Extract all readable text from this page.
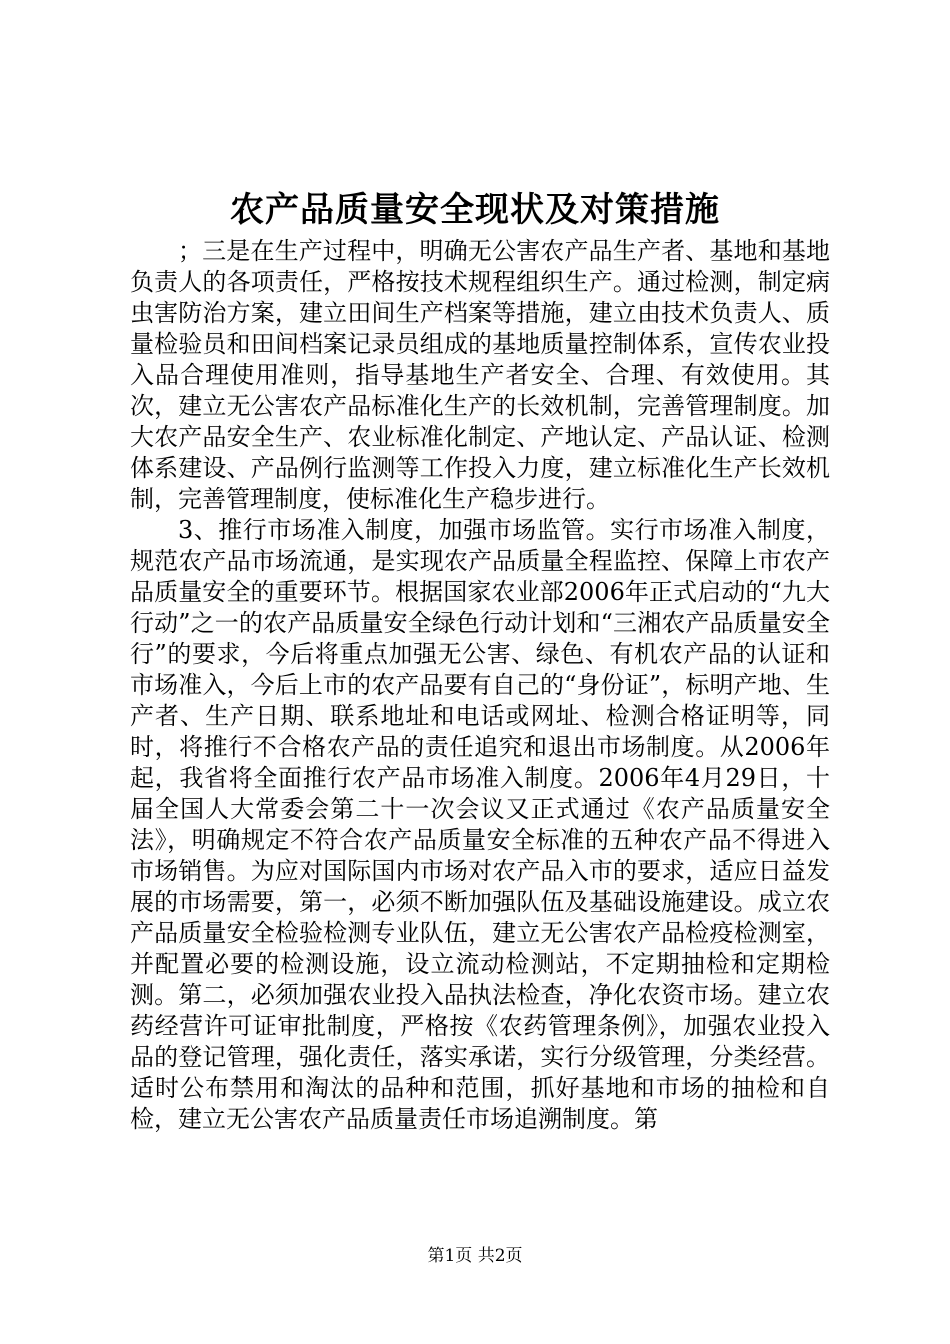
农产品质量安全现状及对策措施

；三是在生产过程中，明确无公害农产品生产者、基地和基地负责人的各项责任，严格按技术规程组织生产。通过检测，制定病虫害防治方案，建立田间生产档案等措施，建立由技术负责人、质量检验员和田间档案记录员组成的基地质量控制体系，宣传农业投入品合理使用准则，指导基地生产者安全、合理、有效使用。其次，建立无公害农产品标准化生产的长效机制，完善管理制度。加大农产品安全生产、农业标准化制定、产地认定、产品认证、检测体系建设、产品例行监测等工作投入力度，建立标准化生产长效机制，完善管理制度，使标准化生产稳步进行。

3、推行市场准入制度，加强市场监管。实行市场准入制度，规范农产品市场流通，是实现农产品质量全程监控、保障上市农产品质量安全的重要环节。根据国家农业部2006年正式启动的“九大行动”之一的农产品质量安全绿色行动计划和“三湘农产品质量安全行”的要求，今后将重点加强无公害、绿色、有机农产品的认证和市场准入，今后上市的农产品要有自己的“身份证”，标明产地、生产者、生产日期、联系地址和电话或网址、检测合格证明等，同时，将推行不合格农产品的责任追究和退出市场制度。从2006年起，我省将全面推行农产品市场准入制度。2006年4月29日，十届全国人大常委会第二十一次会议又正式通过《农产品质量安全法》，明确规定不符合农产品质量安全标准的五种农产品不得进入市场销售。为应对国际国内市场对农产品入市的要求，适应日益发展的市场需要，第一，必须不断加强队伍及基础设施建设。成立农产品质量安全检验检测专业队伍，建立无公害农产品检疫检测室，并配置必要的检测设施，设立流动检测站，不定期抽检和定期检测。第二，必须加强农业投入品执法检查，净化农资市场。建立农药经营许可证审批制度，严格按《农药管理条例》，加强农业投入品的登记管理，强化责任，落实承诺，实行分级管理，分类经营。适时公布禁用和淘汰的品种和范围，抓好基地和市场的抽检和自检，建立无公害农产品质量责任市场追溯制度。第

第1页 共2页
